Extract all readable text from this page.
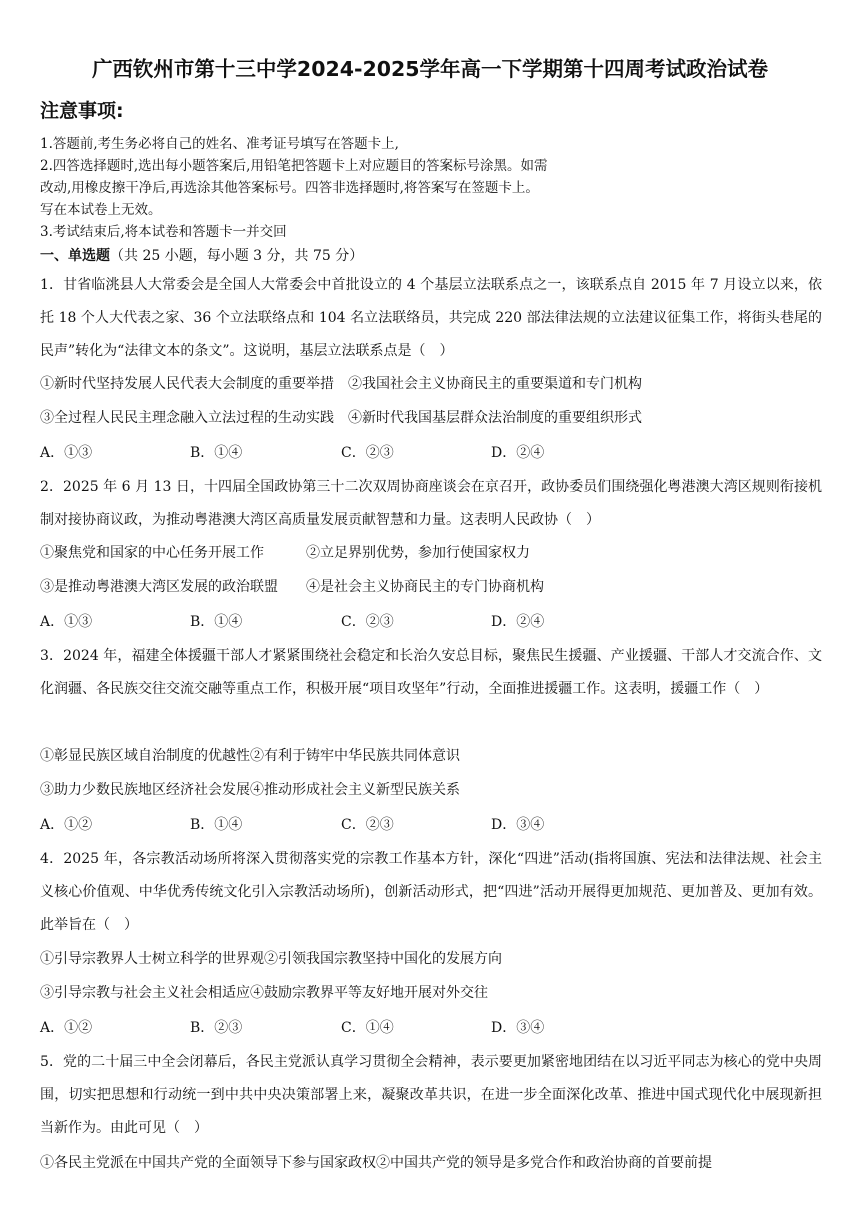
广西钦州市第十三中学2024-2025学年高一下学期第十四周考试政治试卷
注意事项:
1.答题前,考生务必将自己的姓名、准考证号填写在答题卡上,
2.四答选择题时,选出每小题答案后,用铅笔把答题卡上对应题目的答案标号涂黑。如需
改动,用橡皮擦干净后,再选涂其他答案标号。四答非选择题时,将答案写在签题卡上。
写在本试卷上无效。
3.考试结束后,将本试卷和答题卡一并交回
一、单选题（共 25 小题，每小题 3 分，共 75 分）
1．甘省临洮县人大常委会是全国人大常委会中首批设立的 4 个基层立法联系点之一，该联系点自 2015 年 7 月设立以来，依托 18 个人大代表之家、36 个立法联络点和 104 名立法联络员，共完成 220 部法律法规的立法建议征集工作，将街头巷尾的民声”转化为“法律文本的条文”。这说明，基层立法联系点是（　）
①新时代坚持发展人民代表大会制度的重要举措　②我国社会主义协商民主的重要渠道和专门机构
③全过程人民民主理念融入立法过程的生动实践　④新时代我国基层群众法治制度的重要组织形式
A．①③	B．①④	C．②③	D．②④
2．2025 年 6 月 13 日，十四届全国政协第三十二次双周协商座谈会在京召开，政协委员们围绕强化粤港澳大湾区规则衔接机制对接协商议政，为推动粤港澳大湾区高质量发展贡献智慧和力量。这表明人民政协（　）
①聚焦党和国家的中心任务开展工作　　　②立足界别优势，参加行使国家权力
③是推动粤港澳大湾区发展的政治联盟　　④是社会主义协商民主的专门协商机构
A．①③	B．①④	C．②③	D．②④
3．2024 年，福建全体援疆干部人才紧紧围绕社会稳定和长治久安总目标，聚焦民生援疆、产业援疆、干部人才交流合作、文化润疆、各民族交往交流交融等重点工作，积极开展“项目攻坚年”行动，全面推进援疆工作。这表明，援疆工作（　）
①彰显民族区域自治制度的优越性②有利于铸牢中华民族共同体意识
③助力少数民族地区经济社会发展④推动形成社会主义新型民族关系
A．①②	B．①④	C．②③	D．③④
4．2025 年，各宗教活动场所将深入贯彻落实党的宗教工作基本方针，深化“四进”活动(指将国旗、宪法和法律法规、社会主义核心价值观、中华优秀传统文化引入宗教活动场所)，创新活动形式，把“四进”活动开展得更加规范、更加普及、更加有效。此举旨在（　）
①引导宗教界人士树立科学的世界观②引领我国宗教坚持中国化的发展方向
③引导宗教与社会主义社会相适应④鼓励宗教界平等友好地开展对外交往
A．①②	B．②③	C．①④	D．③④
5．党的二十届三中全会闭幕后，各民主党派认真学习贯彻全会精神，表示要更加紧密地团结在以习近平同志为核心的党中央周围，切实把思想和行动统一到中共中央决策部署上来，凝聚改革共识，在进一步全面深化改革、推进中国式现代化中展现新担当新作为。由此可见（　）
①各民主党派在中国共产党的全面领导下参与国家政权②中国共产党的领导是多党合作和政治协商的首要前提
